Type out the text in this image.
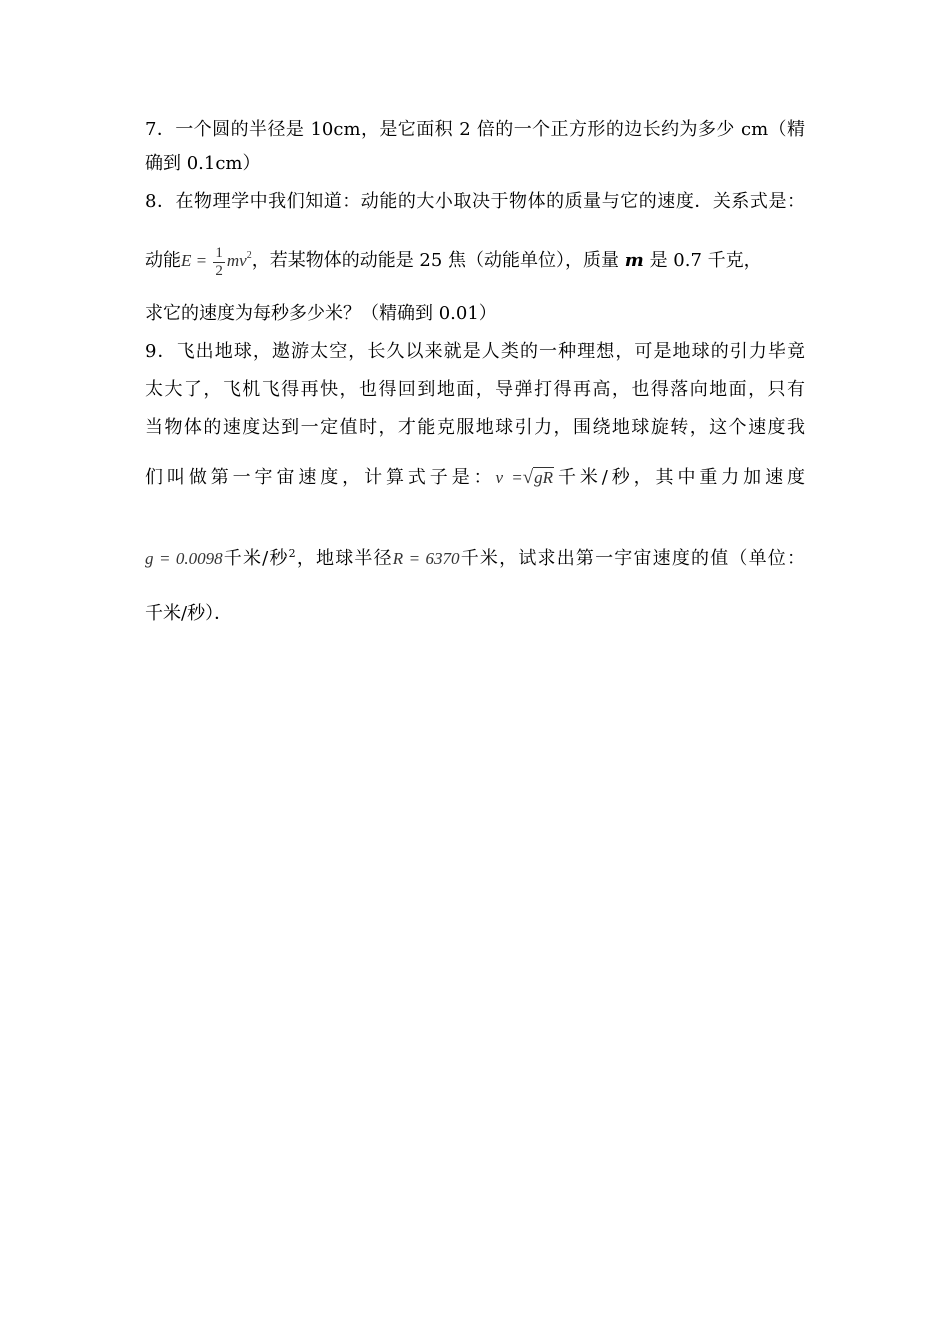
7．一个圆的半径是 10cm，是它面积 2 倍的一个正方形的边长约为多少 cm（精
确到 0.1cm）
8．在物理学中我们知道：动能的大小取决于物体的质量与它的速度．关系式是：
动能$E = \frac{1}{2} mv^2$，若某物体的动能是 25 焦（动能单位），质量 m 是 0.7 千克，
求它的速度为每秒多少米？（精确到 0.01）
9．飞出地球，遨游太空，长久以来就是人类的一种理想，可是地球的引力毕竟
太大了，飞机飞得再快，也得回到地面，导弹打得再高，也得落向地面，只有
当物体的速度达到一定值时，才能克服地球引力，围绕地球旋转，这个速度我
们叫做第一宇宙速度，计算式子是：v =√gR千米/秒，其中重力加速度
g = 0.0098千米/秒$^2$，地球半径R = 6370千米，试求出第一宇宙速度的值（单位：
千米/秒）．
